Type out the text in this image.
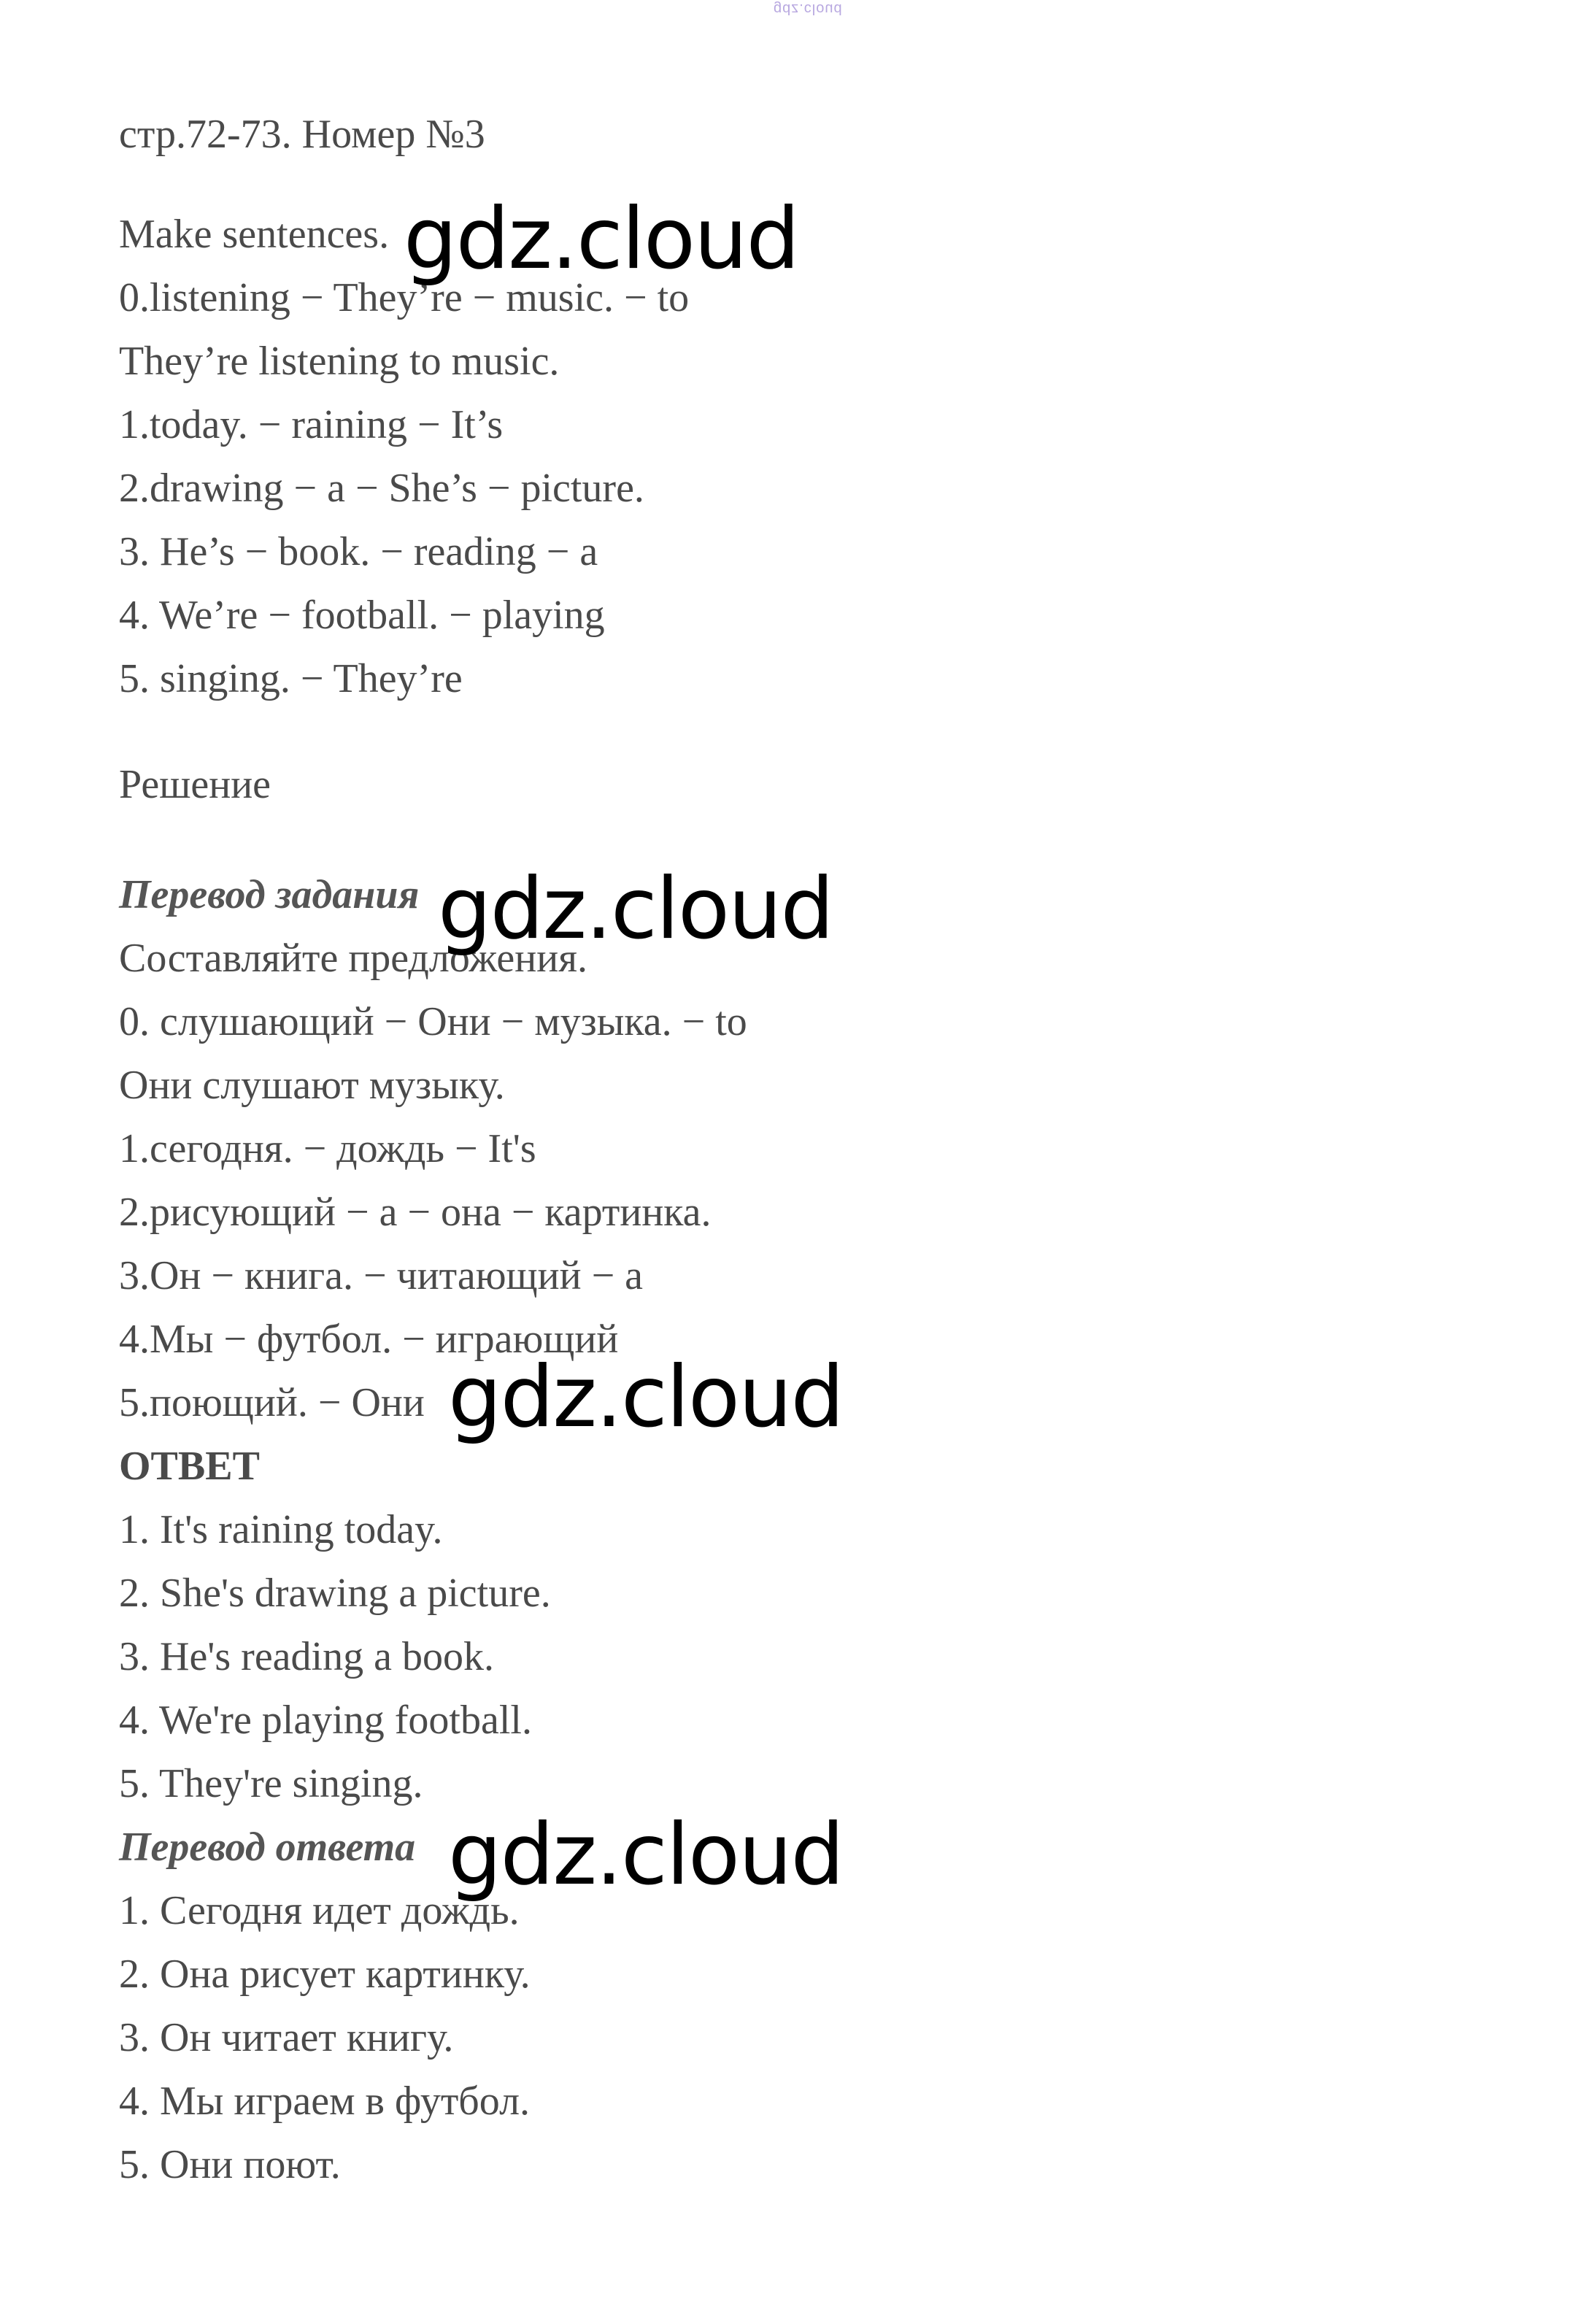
gdz.cloud
стр.72-73. Номер №3
Make sentences.
0.listening − They’re − music. − to
They’re listening to music.
1.today. − raining − It’s
2.drawing − a − She’s − picture.
3. He’s − book. − reading − a
4. We’re − football. − playing
5. singing. − They’re
Решение
Перевод задания
Составляйте предложения.
0. слушающий − Они − музыка. − to
Они слушают музыку.
1.сегодня. − дождь − It's
2.рисующий − a − она − картинка.
3.Он − книга. − читающий − a
4.Мы − футбол. − играющий
5.поющий. − Они
ОТВЕТ
1. It's raining today.
2. She's drawing a picture.
3. He's reading a book.
4. We're playing football.
5. They're singing.
Перевод ответа
1. Сегодня идет дождь.
2. Она рисует картинку.
3. Он читает книгу.
4. Мы играем в футбол.
5. Они поют.
gdz.cloud
gdz.cloud
gdz.cloud
gdz.cloud
